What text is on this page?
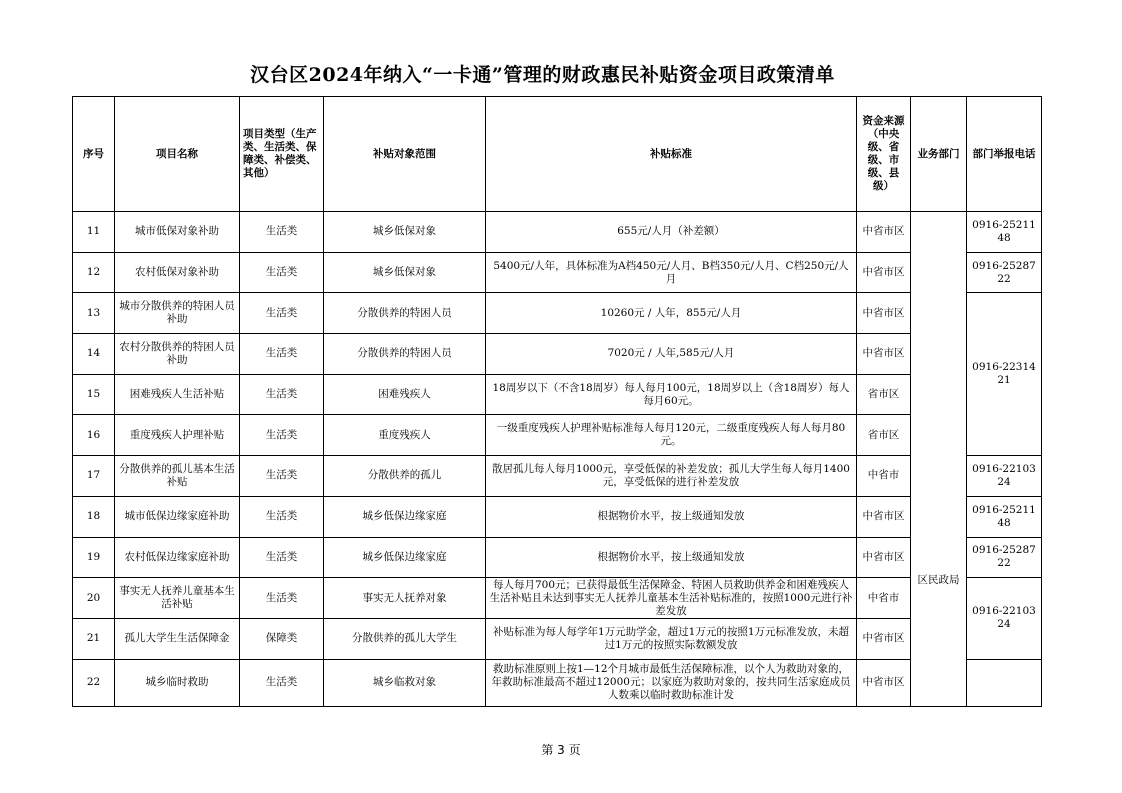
汉台区2024年纳入“一卡通”管理的财政惠民补贴资金项目政策清单
序号	项目名称	项目类型（生产类、生活类、保障类、补偿类、其他）	补贴对象范围	补贴标准	资金来源（中央级、省级、市级、县级）	业务部门	部门举报电话
11	城市低保对象补助	生活类	城乡低保对象	655元/人月（补差额）	中省市区	区民政局	0916-2521148
12	农村低保对象补助	生活类	城乡低保对象	5400元/人年，具体标准为A档450元/人月、B档350元/人月、C档250元/人月	中省市区		0916-2528722
13	城市分散供养的特困人员补助	生活类	分散供养的特困人员	10260元 / 人年，855元/人月	中省市区		0916-2231421
14	农村分散供养的特困人员补助	生活类	分散供养的特困人员	7020元 / 人年,585元/人月	中省市区		
15	困难残疾人生活补贴	生活类	困难残疾人	18周岁以下（不含18周岁）每人每月100元，18周岁以上（含18周岁）每人每月60元。	省市区		
16	重度残疾人护理补贴	生活类	重度残疾人	一级重度残疾人护理补贴标准每人每月120元，二级重度残疾人每人每月80元。	省市区		
17	分散供养的孤儿基本生活补贴	生活类	分散供养的孤儿	散居孤儿每人每月1000元，享受低保的补差发放；孤儿大学生每人每月1400元，享受低保的进行补差发放	中省市		0916-2210324
18	城市低保边缘家庭补助	生活类	城乡低保边缘家庭	根据物价水平，按上级通知发放	中省市区		0916-2521148
19	农村低保边缘家庭补助	生活类	城乡低保边缘家庭	根据物价水平，按上级通知发放	中省市区		0916-2528722
20	事实无人抚养儿童基本生活补贴	生活类	事实无人抚养对象	每人每月700元；已获得最低生活保障金、特困人员救助供养金和困难残疾人生活补贴且未达到事实无人抚养儿童基本生活补贴标准的，按照1000元进行补差发放	中省市		0916-2210324
21	孤儿大学生生活保障金	保障类	分散供养的孤儿大学生	补贴标准为每人每学年1万元助学金，超过1万元的按照1万元标准发放，未超过1万元的按照实际数额发放	中省市区		
22	城乡临时救助	生活类	城乡临救对象	救助标准原则上按1—12个月城市最低生活保障标准，以个人为救助对象的，年救助标准最高不超过12000元；以家庭为救助对象的，按共同生活家庭成员人数乘以临时救助标准计发	中省市区		
第 3 页
